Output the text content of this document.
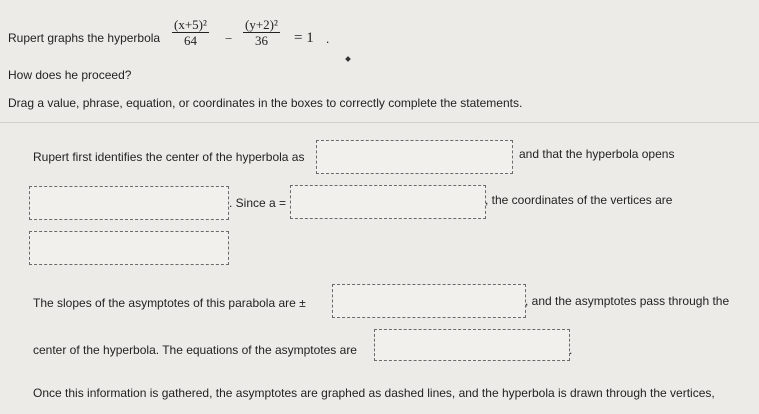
Rupert graphs the hyperbola $\frac{\text{(x+5)²}}{64} - \frac{\text{(y+2)²}}{36} = 1$ .
How does he proceed?
Drag a value, phrase, equation, or coordinates in the boxes to correctly complete the statements.
Rupert first identifies the center of the hyperbola as	and that the hyperbola opens
. Since a =	, the coordinates of the vertices are
The slopes of the asymptotes of this parabola are ±	, and the asymptotes pass through the
center of the hyperbola. The equations of the asymptotes are	.
Once this information is gathered, the asymptotes are graphed as dashed lines, and the hyperbola is drawn through the vertices,
